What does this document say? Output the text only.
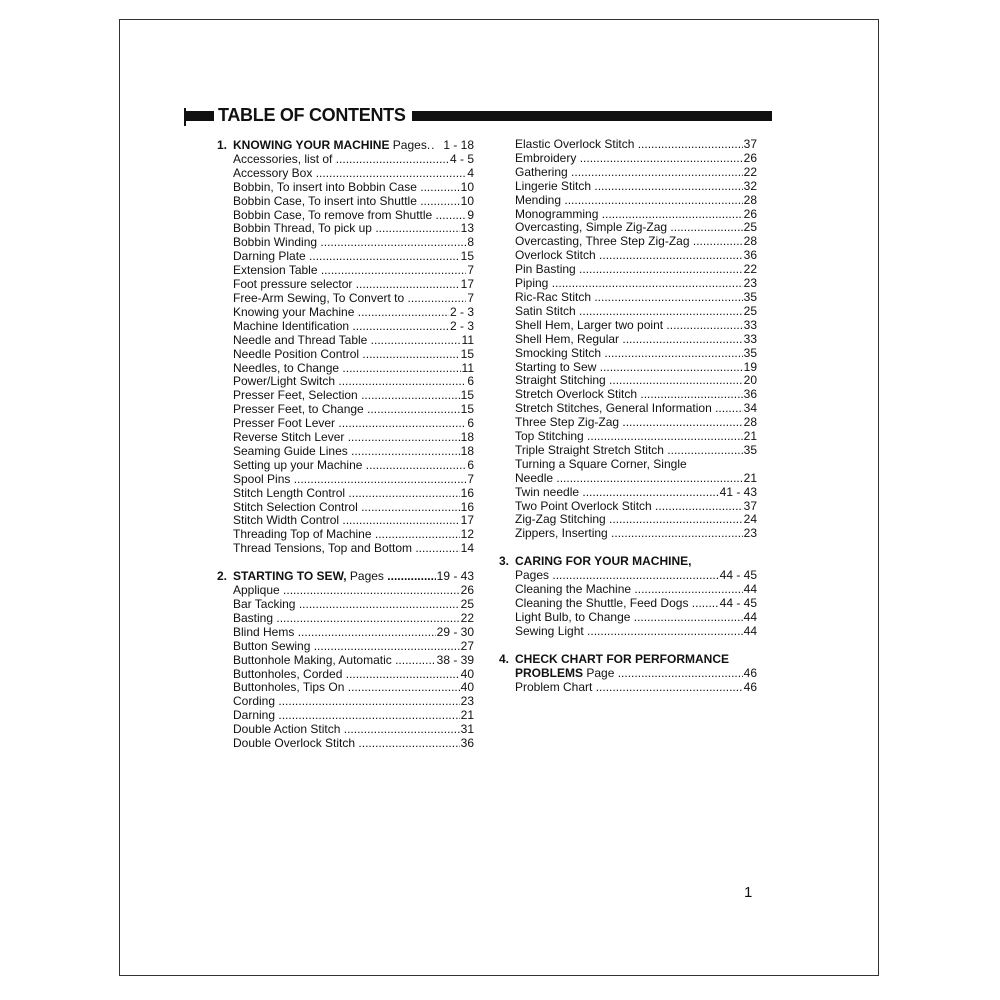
TABLE OF CONTENTS
1. KNOWING YOUR MACHINE Pages.. 1 - 18
Accessories, list of .....	4 - 5
Accessory Box .....	4
Bobbin, To insert into Bobbin Case .....	10
Bobbin Case, To insert into Shuttle .....	10
Bobbin Case, To remove from Shuttle .....	9
Bobbin Thread, To pick up .....	13
Bobbin Winding .....	8
Darning Plate .....	15
Extension Table .....	7
Foot pressure selector .....	17
Free-Arm Sewing, To Convert to .....	7
Knowing your Machine .....	2 - 3
Machine Identification .....	2 - 3
Needle and Thread Table .....	11
Needle Position Control .....	15
Needles, to Change .....	11
Power/Light Switch .....	6
Presser Feet, Selection .....	15
Presser Feet, to Change .....	15
Presser Foot Lever .....	6
Reverse Stitch Lever .....	18
Seaming Guide Lines .....	18
Setting up your Machine .....	6
Spool Pins .....	7
Stitch Length Control .....	16
Stitch Selection Control .....	16
Stitch Width Control .....	17
Threading Top of Machine .....	12
Thread Tensions, Top and Bottom .....	14
2. STARTING TO SEW, Pages .....	19 - 43
Applique .....	26
Bar Tacking .....	25
Basting .....	22
Blind Hems .....	29 - 30
Button Sewing .....	27
Buttonhole Making, Automatic .....	38 - 39
Buttonholes, Corded .....	40
Buttonholes, Tips On .....	40
Cording .....	23
Darning .....	21
Double Action Stitch .....	31
Double Overlock Stitch .....	36
Elastic Overlock Stitch .....	37
Embroidery .....	26
Gathering .....	22
Lingerie Stitch .....	32
Mending .....	28
Monogramming .....	26
Overcasting, Simple Zig-Zag .....	25
Overcasting, Three Step Zig-Zag .....	28
Overlock Stitch .....	36
Pin Basting .....	22
Piping .....	23
Ric-Rac Stitch .....	35
Satin Stitch .....	25
Shell Hem, Larger two point .....	33
Shell Hem, Regular .....	33
Smocking Stitch .....	35
Starting to Sew .....	19
Straight Stitching .....	20
Stretch Overlock Stitch .....	36
Stretch Stitches, General Information .....	34
Three Step Zig-Zag .....	28
Top Stitching .....	21
Triple Straight Stretch Stitch .....	35
Turning a Square Corner, Single
Needle .....	21
Twin needle .....	41 - 43
Two Point Overlock Stitch .....	37
Zig-Zag Stitching .....	24
Zippers, Inserting .....	23
3. CARING FOR YOUR MACHINE,
Pages .....	44 - 45
Cleaning the Machine .....	44
Cleaning the Shuttle, Feed Dogs .....	44 - 45
Light Bulb, to Change .....	44
Sewing Light .....	44
4. CHECK CHART FOR PERFORMANCE
PROBLEMS Page .....	46
Problem Chart .....	46
1
